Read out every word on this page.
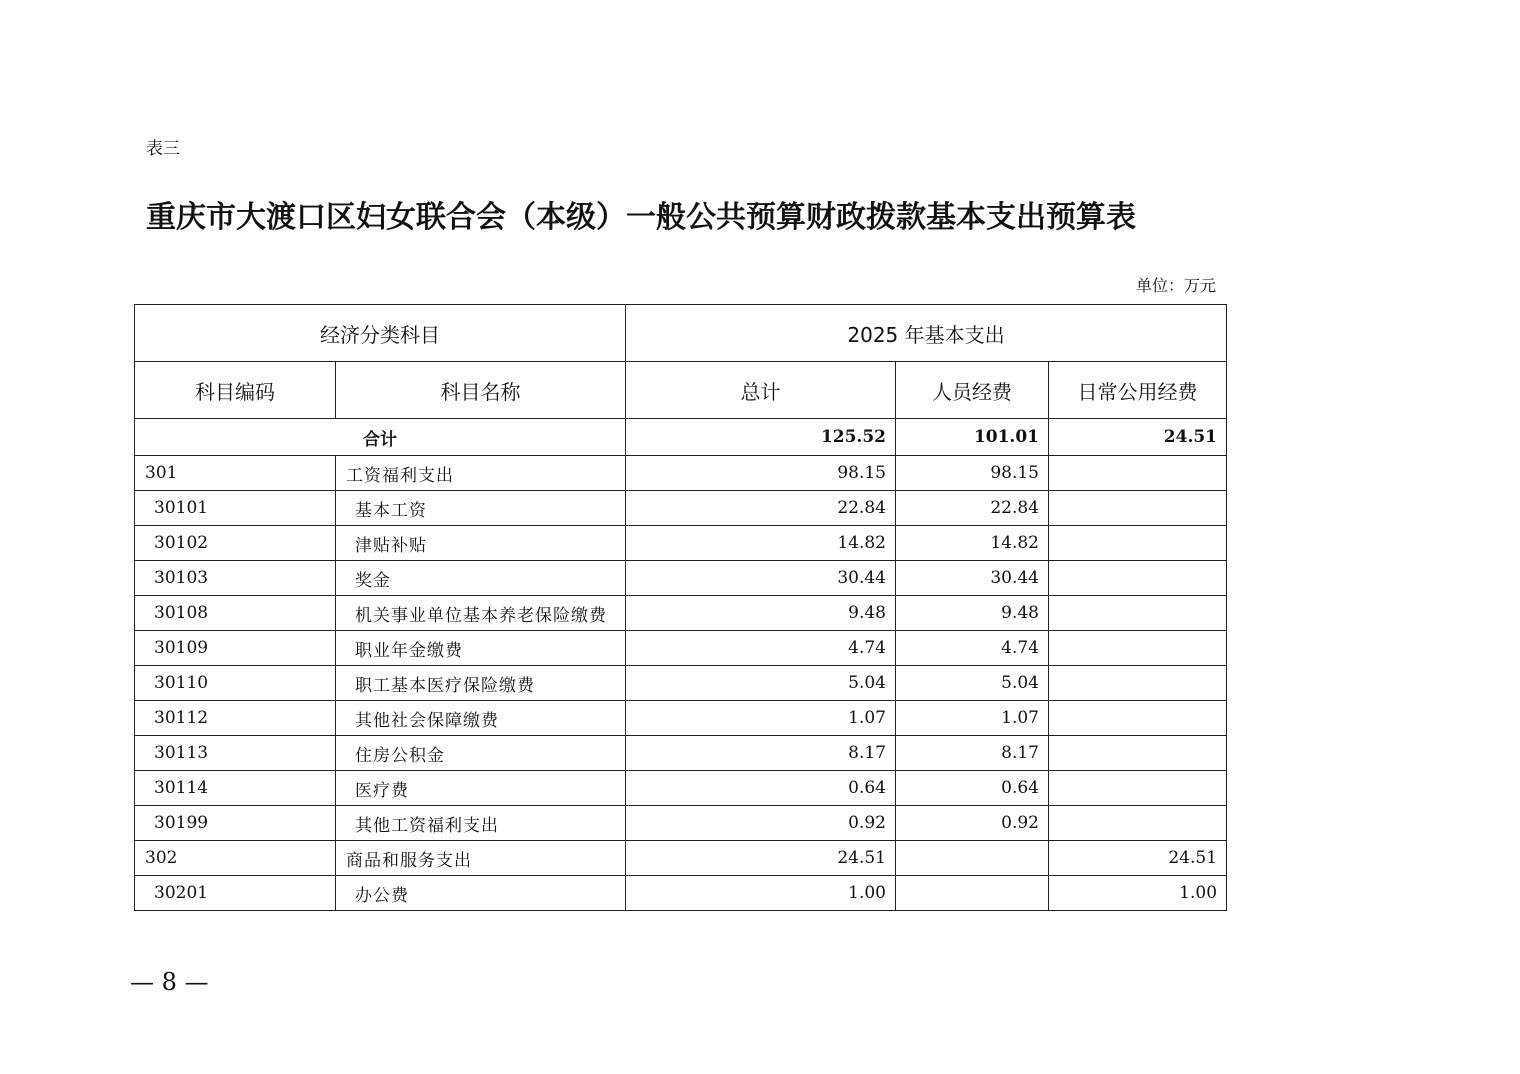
表三
重庆市大渡口区妇女联合会（本级）一般公共预算财政拨款基本支出预算表
单位：万元
经济分类科目		2025 年基本支出		
科目编码	科目名称	总计	人员经费	日常公用经费
合计		125.52	101.01	24.51
301	工资福利支出	98.15	98.15	
30101	基本工资	22.84	22.84	
30102	津贴补贴	14.82	14.82	
30103	奖金	30.44	30.44	
30108	机关事业单位基本养老保险缴费	9.48	9.48	
30109	职业年金缴费	4.74	4.74	
30110	职工基本医疗保险缴费	5.04	5.04	
30112	其他社会保障缴费	1.07	1.07	
30113	住房公积金	8.17	8.17	
30114	医疗费	0.64	0.64	
30199	其他工资福利支出	0.92	0.92	
302	商品和服务支出	24.51		24.51
30201	办公费	1.00		1.00
— 8 —
